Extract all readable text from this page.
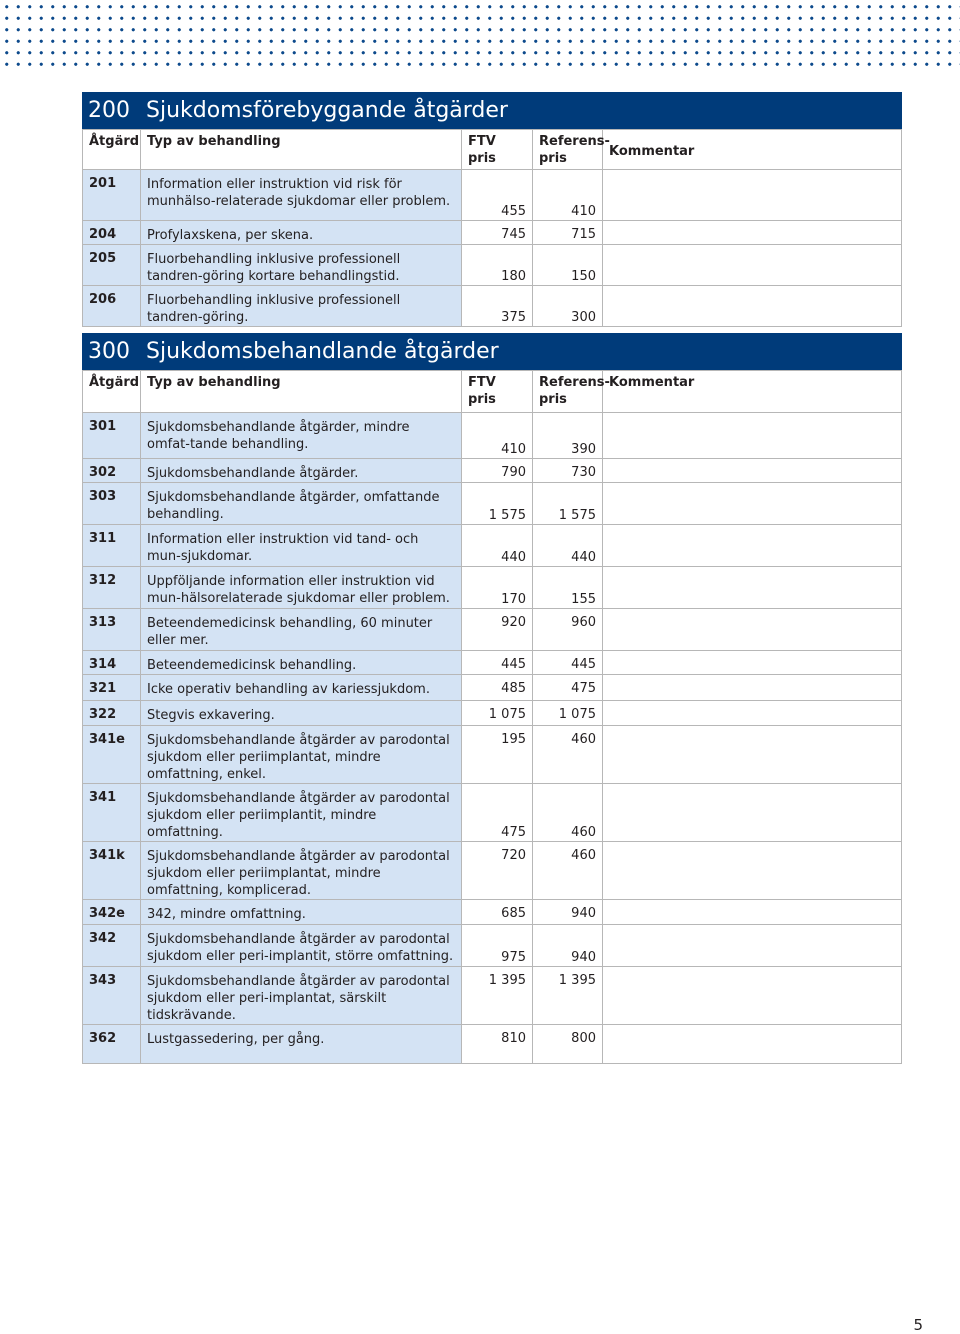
200 Sjukdomsförebyggande åtgärder
Åtgärd	Typ av behandling	FTV pris	Referens- pris	Kommentar
201	Information eller instruktion vid risk för munhälso-relaterade sjukdomar eller problem.	455	410	
204	Profylaxskena, per skena.	745	715	
205	Fluorbehandling inklusive professionell tandren-göring kortare behandlingstid.	180	150	
206	Fluorbehandling inklusive professionell tandren-göring.	375	300	
300 Sjukdomsbehandlande åtgärder
Åtgärd	Typ av behandling	FTV pris	Referens- pris	Kommentar
301	Sjukdomsbehandlande åtgärder, mindre omfat-tande behandling.	410	390	
302	Sjukdomsbehandlande åtgärder.	790	730	
303	Sjukdomsbehandlande åtgärder, omfattande behandling.	1 575	1 575	
311	Information eller instruktion vid tand- och mun-sjukdomar.	440	440	
312	Uppföljande information eller instruktion vid mun-hälsorelaterade sjukdomar eller problem.	170	155	
313	Beteendemedicinsk behandling, 60 minuter eller mer.	920	960	
314	Beteendemedicinsk behandling.	445	445	
321	Icke operativ behandling av kariessjukdom.	485	475	
322	Stegvis exkavering.	1 075	1 075	
341e	Sjukdomsbehandlande åtgärder av parodontal sjukdom eller periimplantat, mindre omfattning, enkel.	195	460	
341	Sjukdomsbehandlande åtgärder av parodontal sjukdom eller periimplantit, mindre omfattning.	475	460	
341k	Sjukdomsbehandlande åtgärder av parodontal sjukdom eller periimplantat, mindre omfattning, komplicerad.	720	460	
342e	342, mindre omfattning.	685	940	
342	Sjukdomsbehandlande åtgärder av parodontal sjukdom eller peri-implantit, större omfattning.	975	940	
343	Sjukdomsbehandlande åtgärder av parodontal sjukdom eller peri-implantat, särskilt tidskrävande.	1 395	1 395	
362	Lustgassedering, per gång.	810	800	
5
